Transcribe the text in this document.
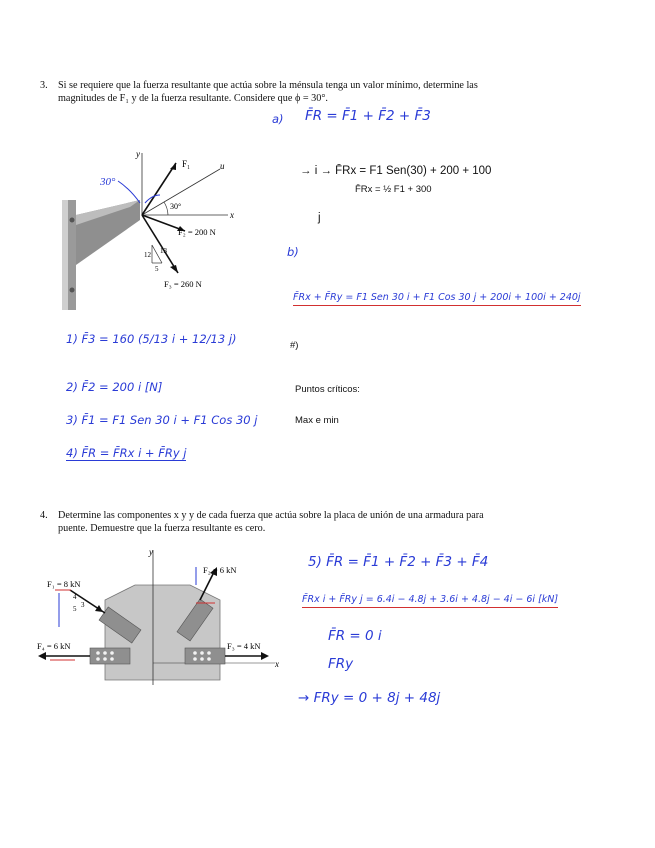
3. Si se requiere que la fuerza resultante que actúa sobre la ménsula tenga un valor mínimo, determine las
magnitudes de F₁ y de la fuerza resultante. Considere que ϕ = 30°.
y
x
u
30°
F₁
F₂ = 200 N
F₃ = 260 N
12 13
5
30°
a) F̄R = F̄1 + F̄2 + F̄3
→ i → F̄Rx = F1 Sen(30) + 200 + 100
F̄Rx = ½ F1 + 300
j
b)
F̄Rx + F̄Ry = F1 Sen 30 i + F1 Cos 30 j + 200i + 100i + 240j
#)
Puntos críticos:
Max e min
1) F̄3 = 160 (5/13 i + 12/13 j)
2) F̄2 = 200 i [N]
3) F̄1 = F1 Sen 30 i + F1 Cos 30 j
4) F̄R = F̄Rx i + F̄Ry j
4. Determine las componentes x y y de cada fuerza que actúa sobre la placa de unión de una armadura para
puente. Demuestre que la fuerza resultante es cero.
y
x
F₄ = 6 kN	F₃ = 4 kN
F₁ = 8 kN
4
3
5
F₂ = 6 kN	5) F̄R = F̄1 + F̄2 + F̄3 + F̄4
F̄Rx i + F̄Ry j = 6.4i − 4.8j + 3.6i + 4.8j − 4i − 6i [kN]
F̄R = 0 i
FRy
→ FRy = 0 + 8j + 48j
